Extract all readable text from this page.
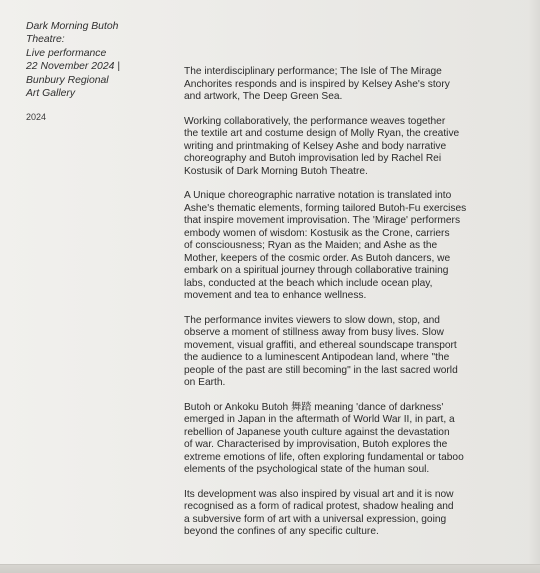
Dark Morning Butoh
Theatre:
Live performance
22 November 2024 |
Bunbury Regional
Art Gallery
2024

The interdisciplinary performance; The Isle of The Mirage
Anchorites responds and is inspired by Kelsey Ashe's story
and artwork, The Deep Green Sea.

Working collaboratively, the performance weaves together
the textile art and costume design of Molly Ryan, the creative
writing and printmaking of Kelsey Ashe and body narrative
choreography and Butoh improvisation led by Rachel Rei
Kostusik of Dark Morning Butoh Theatre.

A Unique choreographic narrative notation is translated into
Ashe's thematic elements, forming tailored Butoh-Fu exercises
that inspire movement improvisation. The 'Mirage' performers
embody women of wisdom: Kostusik as the Crone, carriers
of consciousness; Ryan as the Maiden; and Ashe as the
Mother, keepers of the cosmic order. As Butoh dancers, we
embark on a spiritual journey through collaborative training
labs, conducted at the beach which include ocean play,
movement and tea to enhance wellness.

The performance invites viewers to slow down, stop, and
observe a moment of stillness away from busy lives. Slow
movement, visual graffiti, and ethereal soundscape transport
the audience to a luminescent Antipodean land, where "the
people of the past are still becoming" in the last sacred world
on Earth.

Butoh or Ankoku Butoh 舞踏 meaning 'dance of darkness'
emerged in Japan in the aftermath of World War II, in part, a
rebellion of Japanese youth culture against the devastation
of war. Characterised by improvisation, Butoh explores the
extreme emotions of life, often exploring fundamental or taboo
elements of the psychological state of the human soul.

Its development was also inspired by visual art and it is now
recognised as a form of radical protest, shadow healing and
a subversive form of art with a universal expression, going
beyond the confines of any specific culture.
